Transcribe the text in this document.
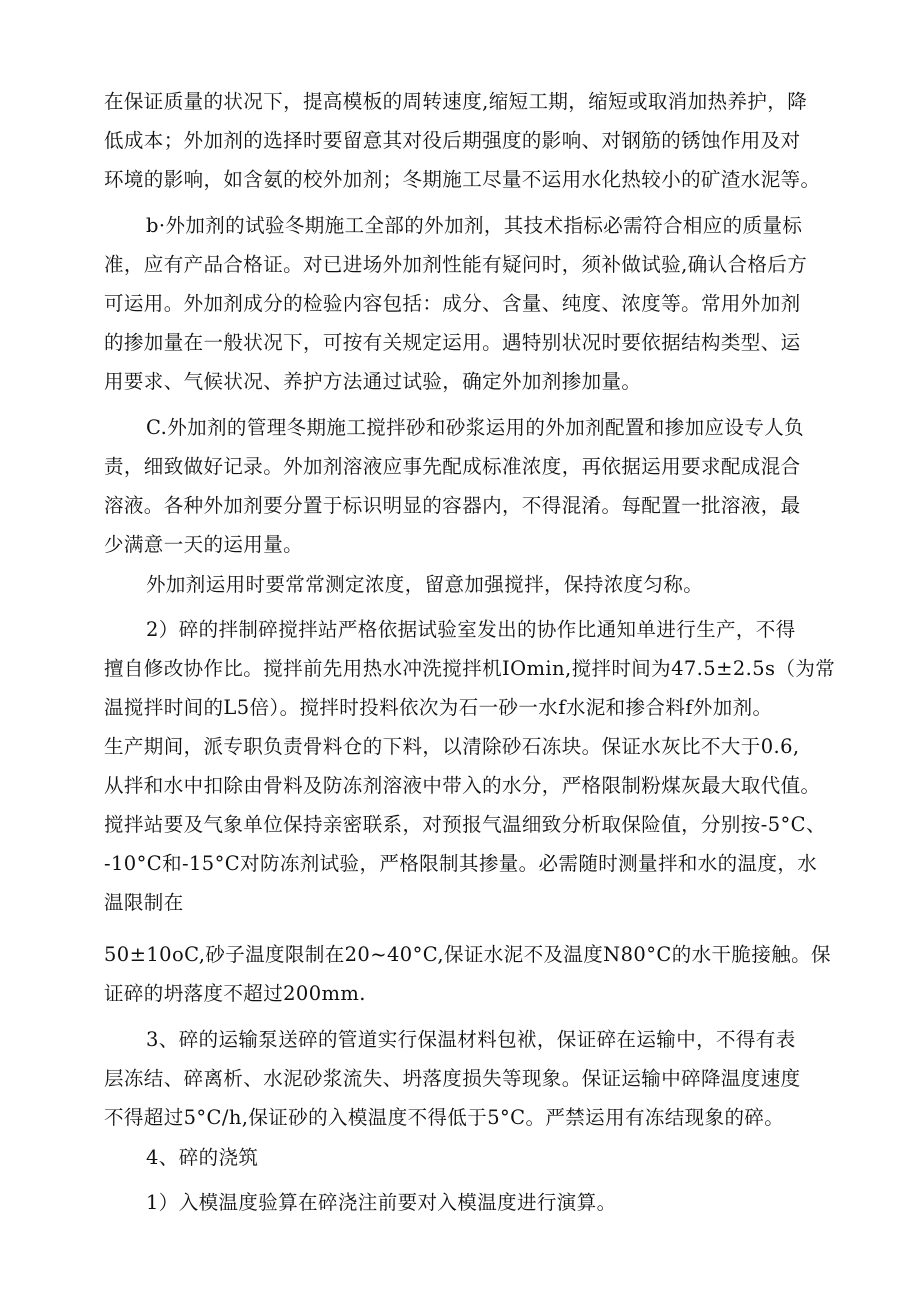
在保证质量的状况下，提高模板的周转速度,缩短工期，缩短或取消加热养护，降
低成本；外加剂的选择时要留意其对役后期强度的影响、对钢筋的锈蚀作用及对
环境的影响，如含氨的校外加剂；冬期施工尽量不运用水化热较小的矿渣水泥等。
b·外加剂的试验冬期施工全部的外加剂，其技术指标必需符合相应的质量标
准，应有产品合格证。对已进场外加剂性能有疑问时，须补做试验,确认合格后方
可运用。外加剂成分的检验内容包括：成分、含量、纯度、浓度等。常用外加剂
的掺加量在一般状况下，可按有关规定运用。遇特别状况时要依据结构类型、运
用要求、气候状况、养护方法通过试验，确定外加剂掺加量。
C.外加剂的管理冬期施工搅拌砂和砂浆运用的外加剂配置和掺加应设专人负
责，细致做好记录。外加剂溶液应事先配成标准浓度，再依据运用要求配成混合
溶液。各种外加剂要分置于标识明显的容器内，不得混淆。每配置一批溶液，最
少满意一天的运用量。
外加剂运用时要常常测定浓度，留意加强搅拌，保持浓度匀称。
2）碎的拌制碎搅拌站严格依据试验室发出的协作比通知单进行生产，不得
擅自修改协作比。搅拌前先用热水冲洗搅拌机IOmin,搅拌时间为47.5±2.5s（为常
温搅拌时间的L5倍）。搅拌时投料依次为石一砂一水f水泥和掺合料f外加剂。
生产期间，派专职负责骨料仓的下料，以清除砂石冻块。保证水灰比不大于0.6,
从拌和水中扣除由骨料及防冻剂溶液中带入的水分，严格限制粉煤灰最大取代值。
搅拌站要及气象单位保持亲密联系，对预报气温细致分析取保险值，分别按-5°C、
-10°C和-15°C对防冻剂试验，严格限制其掺量。必需随时测量拌和水的温度，水
温限制在
50±10oC,砂子温度限制在20~40°C,保证水泥不及温度N80°C的水干脆接触。保
证碎的坍落度不超过200mm.
3、碎的运输泵送碎的管道实行保温材料包袱，保证碎在运输中，不得有表
层冻结、碎离析、水泥砂浆流失、坍落度损失等现象。保证运输中碎降温度速度
不得超过5°C/h,保证砂的入模温度不得低于5°C。严禁运用有冻结现象的碎。
4、碎的浇筑
1）入模温度验算在碎浇注前要对入模温度进行演算。
